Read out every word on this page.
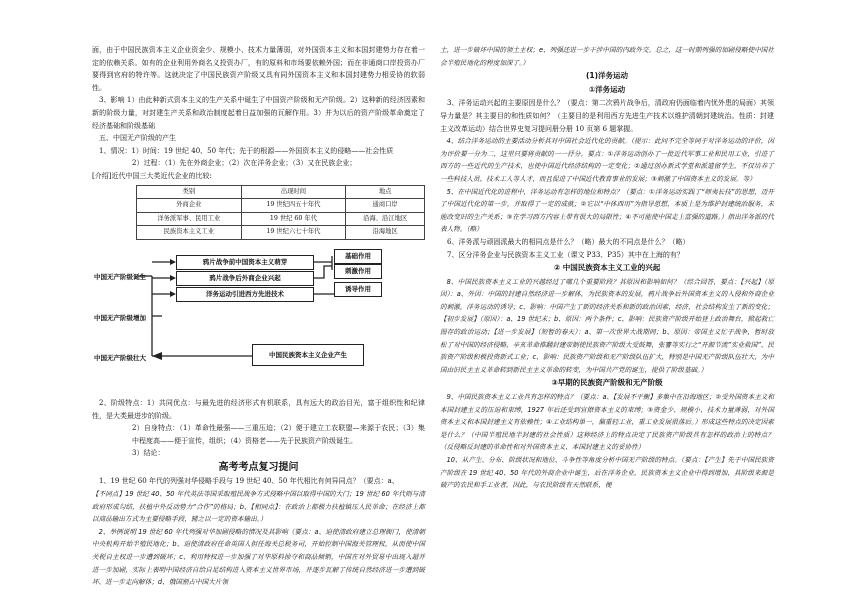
面，由于中国民族资本主义企业资金少、规模小、技术力量薄弱，对外国资本主义和本国封建势力存在着一定的依赖关系。如有的企业利用外商名义投资办厂，有的原料和市场要依赖外国；而在非通商口岸投资办厂要得到官府的特许等。这就决定了中国民族资产阶级又具有同外国资本主义和本国封建势力相妥协的软弱性。

3、影响 1）由此种新式资本主义的生产关系中诞生了中国资产阶级和无产阶级。2）这种新的经济因素和新的阶级力量，对封建生产关系和政治制度起着日益加强的瓦解作用。3）并为以后的资产阶级革命奠定了经济基础和阶级基础

五、中国无产阶级的产生

1、情况：1）时间：19 世纪 40、50 年代；先于的根源——外国资本主义的侵略——社会性质

2）过程：（1）先在外商企业；（2）次在洋务企业；（3）又在民族企业；

[介绍]近代中国三大类近代企业的比较:

类别	出现时间	地点
外商企业	19 世纪四五十年代	通商口岸
洋务派军事、民用工业	19 世纪 60 年代	沿海、沿江地区
民族资本主义工业	19 世纪六七十年代	沿海地区
鸦片战争前中国资本主义萌芽
鸦片战争后外商企业兴起
洋务运动引进西方先进技术
基础作用
刺激作用
诱导作用
中国无产阶级诞生
中国无产阶级增加
中国无产阶级壮大	中国民族资本主义企业产生

2、阶级特点：1）共同优点：与最先进的经济形式有机联系，具有远大的政治目光，富于组织性和纪律性，是大类最进步的阶级。

2）自身特点：（1）革命性最强——三重压迫；（2）便于建立工农联盟—来源于农民；（3）集中程度高——便于宣传，组织；（4）资格老——先于民族资产阶级诞生。

3）结论：

高考考点复习提问

1、19 世纪 60 年代的列强对华侵略手段与 19 世纪 40、50 年代相比有何异同点？（要点：a、

【不同点】19 世纪 40、50 年代英法等国采取殖民战争方式侵略中国以取得中国的大门；19 世纪 60 年代则与清政府形成勾结，扶植中外反动势力“合作”的格局；b、【相同点】：在政治上都极力扶植镇压人民革命；在经济上都以商品输出方式为主要侵略手段，辅之以一定的资本输出。）

2、举例说明 19 世纪 60 年代列强对华加剧侵略的情况及其影响（要点：a、迫使清政府建立总理衙门，使清朝中央机构开始半殖民地化；b、迫使清政府任命英国人担任海关总税务司，开始控制中国海关管理权，从而使中国关税自主权进一步遭到破坏；c、利用特权进一步加强了对华原料掠夺和商品倾销，中国在对外贸易中出现入超并进一步加剧，实际上表明中国经济自给自足结构进入资本主义世界市场，并逐步瓦解了传统自然经济进一步遭到破坏、进一步走向解体；d、俄国割占中国大片领

土，进一步破坏中国的领土主权；e、列强还进一步干涉中国的内政外交。总之，这一时期列强的加剧侵略使中国社会半殖民地化的程度加深了。）

(1)洋务运动
①洋务运动

3、洋务运动兴起的主要原因是什么？（要点：第二次鸦片战争后，清政府仍面临着内忧外患的局面）其领导力量是？其主要目的和性质如何？（主要目的是利用西方先进生产技术以维护清朝封建统治。性质：封建主义改革运动）结合世界史复习提问册分册 10 页第 6 题掌握。

4、结合洋务运动的主要活动分析其对中国社会近代化的贡献。（提示：此问不完全等同于对洋务运动的评价，因为评价要一分为二，这里只要将贡献的一一抒分。要点：①洋务运动创办了一批近代军事工业和民用工业，引进了西方的一些近代的生产技术，也使中国近代经济结构的一定变化；②通过创办新式学堂和派遣留学生，不仅培养了一些科技人员、技术工人等人才，而且促进了中国近代教育事业的发展；③刺激了中国资本主义的发展。等）

5、在中国近代化的进程中，洋务运动有怎样的地位和特点？（要点：①洋务运动实践了“师夷长技”的思想，迈开了中国近代化的第一步，并取得了一定的成就；②它以“中体西用”为指导思想，本质上是为维护封建统治服务，未能改变旧的生产关系；③在学习西方内容上带有很大的局限性；④不可能使中国走上富强的道路。）指出洋务派的代表人物。（略）

6、洋务派与顽固派最大的相同点是什么？（略）最大的不同点是什么？（略）

7、区分洋务企业与民族资本主义工业（课文 P33、P35）其中在上海的有？

② 中国民族资本主义工业的兴起

8、中国民族资本主义工业的兴越经过了哪几个重要阶段？其原因和影响如何？（综合回答，要点：【兴起】（原因）：a、外因：中国的封建自然经济进一步解体，为民族资本的发展，鸦片战争后外国资本主义的入侵和外商企业的刺激，洋务运动的诱导；c、影响：中国产生了新的经济关系和新的政治因素，经济，社会结构发生了新的变化；【初步发展】（原因）：a、19 世纪末；b、原因：两个条件；c、影响：民族资产阶级开始登上政治舞台，掀起救亡图存的政治运动；【进一步发展】（短暂的春天）：a、第一次世界大战期间；b、原因：帝国主义忙于战争，暂时放松了对中国的经济侵略，辛亥革命推翻封建帝制使民族资产阶级大受鼓舞，张謇等实行之“开源节流”实业救国”、民族资产阶级积极投资新式工业；c、影响：民族资产阶级和无产阶级队伍扩大，特别是中国无产阶级队伍壮大，为中国由旧民主主义革命转到新民主主义革命的转变，为中国共产党的诞生，提供了阶级基础。）

③早期的民族资产阶级和无产阶级

9、中国民族资本主义工业具有怎样的特点？（要点：a、【发展不平衡】多集中在沿海地区；②受外国资本主义和本国封建主义的压迫和束缚，1927 年后还受到官僚资本主义的束缚；③资金少、规模小、技术力量薄弱，对外国资本主义和本国封建主义有依赖性；④工业结构单一，偏重轻工业，重工业发展很落后。）形成这些特点的决定因素是什么？（中国半殖民地半封建的社会性质）这种经济上的特点决定了民族资产阶级具有怎样的政治上的特点？（反侵略反封建的革命性和对外国资本主义、本国封建主义的妥协性）

10、从产生、分布、阶级状况和地位、斗争性等角度分析中国无产阶级的特点。（要点：【产生】先于中国民族资产阶级在 19 世纪 40、50 年代的外商企业中诞生，后在洋务企业，民族资本主义企业中得到增加，其阶级来源是破产的农民和手工业者，因此，与农民阶级有天然联系，便
